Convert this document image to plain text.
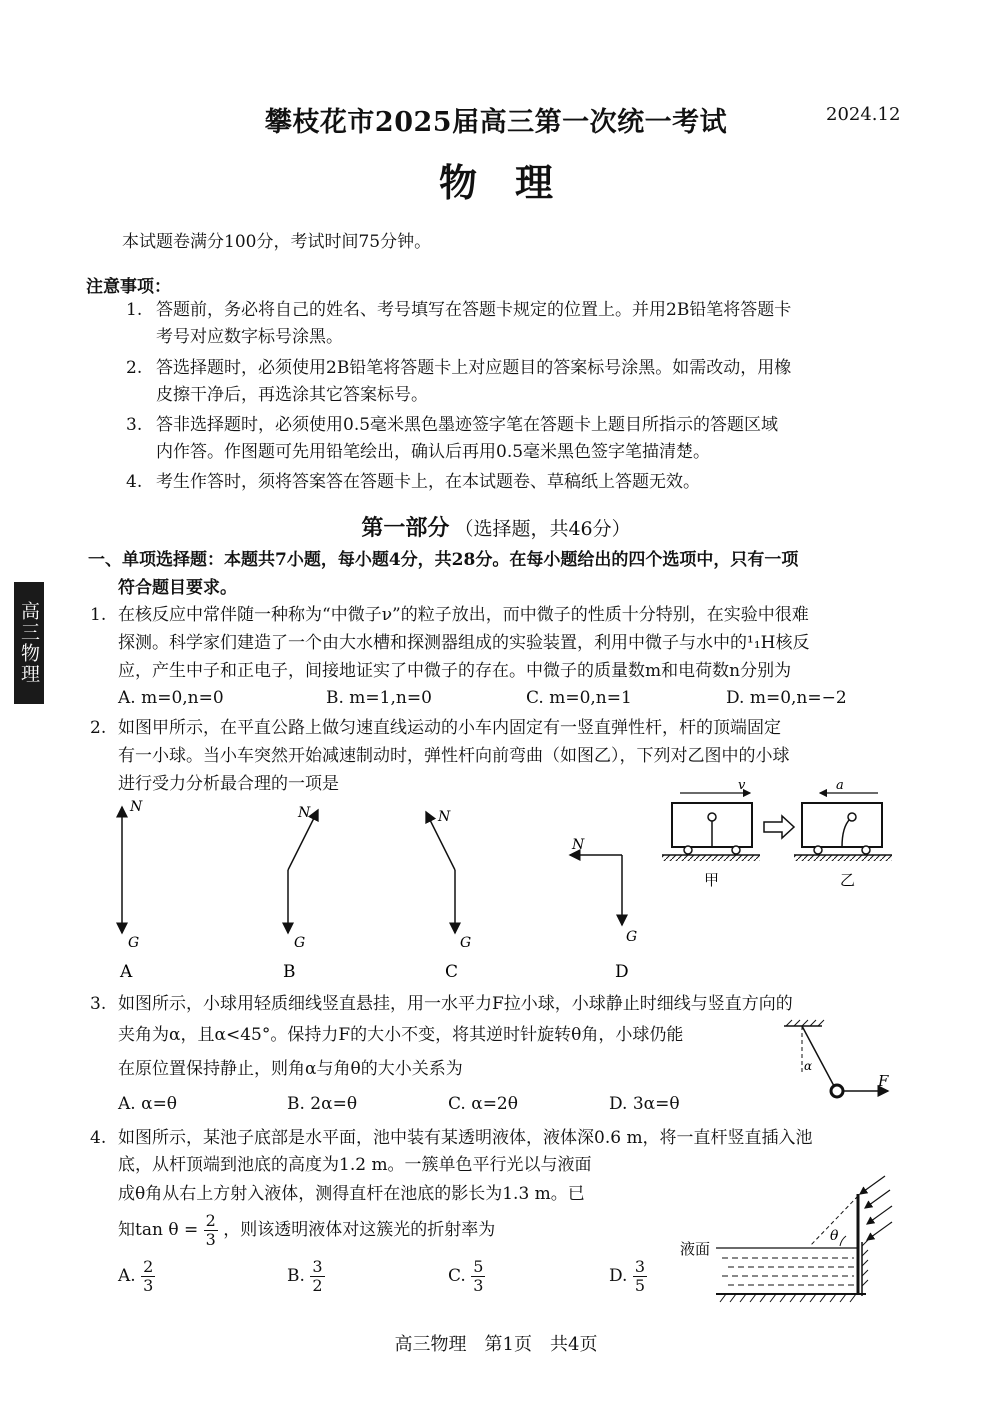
攀枝花市2025届高三第一次统一考试	2024.12
物理
本试题卷满分100分，考试时间75分钟。
注意事项：
1. 答题前，务必将自己的姓名、考号填写在答题卡规定的位置上。并用2B铅笔将答题卡
考号对应数字标号涂黑。
2. 答选择题时，必须使用2B铅笔将答题卡上对应题目的答案标号涂黑。如需改动，用橡
皮擦干净后，再选涂其它答案标号。
3. 答非选择题时，必须使用0.5毫米黑色墨迹签字笔在答题卡上题目所指示的答题区域
内作答。作图题可先用铅笔绘出，确认后再用0.5毫米黑色签字笔描清楚。
4. 考生作答时，须将答案答在答题卡上，在本试题卷、草稿纸上答题无效。
第一部分 （选择题，共46分）
一、单项选择题：本题共7小题，每小题4分，共28分。在每小题给出的四个选项中，只有一项
符合题目要求。
高三物理	1. 在核反应中常伴随一种称为“中微子ν”的粒子放出，而中微子的性质十分特别，在实验中很难
探测。科学家们建造了一个由大水槽和探测器组成的实验装置，利用中微子与水中的¹₁H核反
应，产生中子和正电子，间接地证实了中微子的存在。中微子的质量数m和电荷数n分别为
A. m=0,n=0	B. m=1,n=0	C. m=0,n=1	D. m=0,n=−2
2. 如图甲所示，在平直公路上做匀速直线运动的小车内固定有一竖直弹性杆，杆的顶端固定
有一小球。当小车突然开始减速制动时，弹性杆向前弯曲（如图乙），下列对乙图中的小球
进行受力分析最合理的一项是
N
G
N
G
N
G
N
G
A	B	C	D
v
甲
a
乙
3. 如图所示，小球用轻质细线竖直悬挂，用一水平力F拉小球，小球静止时细线与竖直方向的
夹角为α，且α<45°。保持力F的大小不变，将其逆时针旋转θ角，小球仍能
在原位置保持静止，则角α与角θ的大小关系为
A. α=θ	B. 2α=θ	C. α=2θ	D. 3α=θ
α
F
4. 如图所示，某池子底部是水平面，池中装有某透明液体，液体深0.6 m，将一直杆竖直插入池
底，从杆顶端到池底的高度为1.2 m。一簇单色平行光以与液面
成θ角从右上方射入液体，测得直杆在池底的影长为1.3 m。已
知$\tan \theta = \frac{2}{3}$ ，则该透明液体对这簇光的折射率为
A. $\frac{2}{3}$	B. $\frac{3}{2}$	C. $\frac{5}{3}$	D. $\frac{3}{5}$
θ
液面
高三物理　第1页　共4页
